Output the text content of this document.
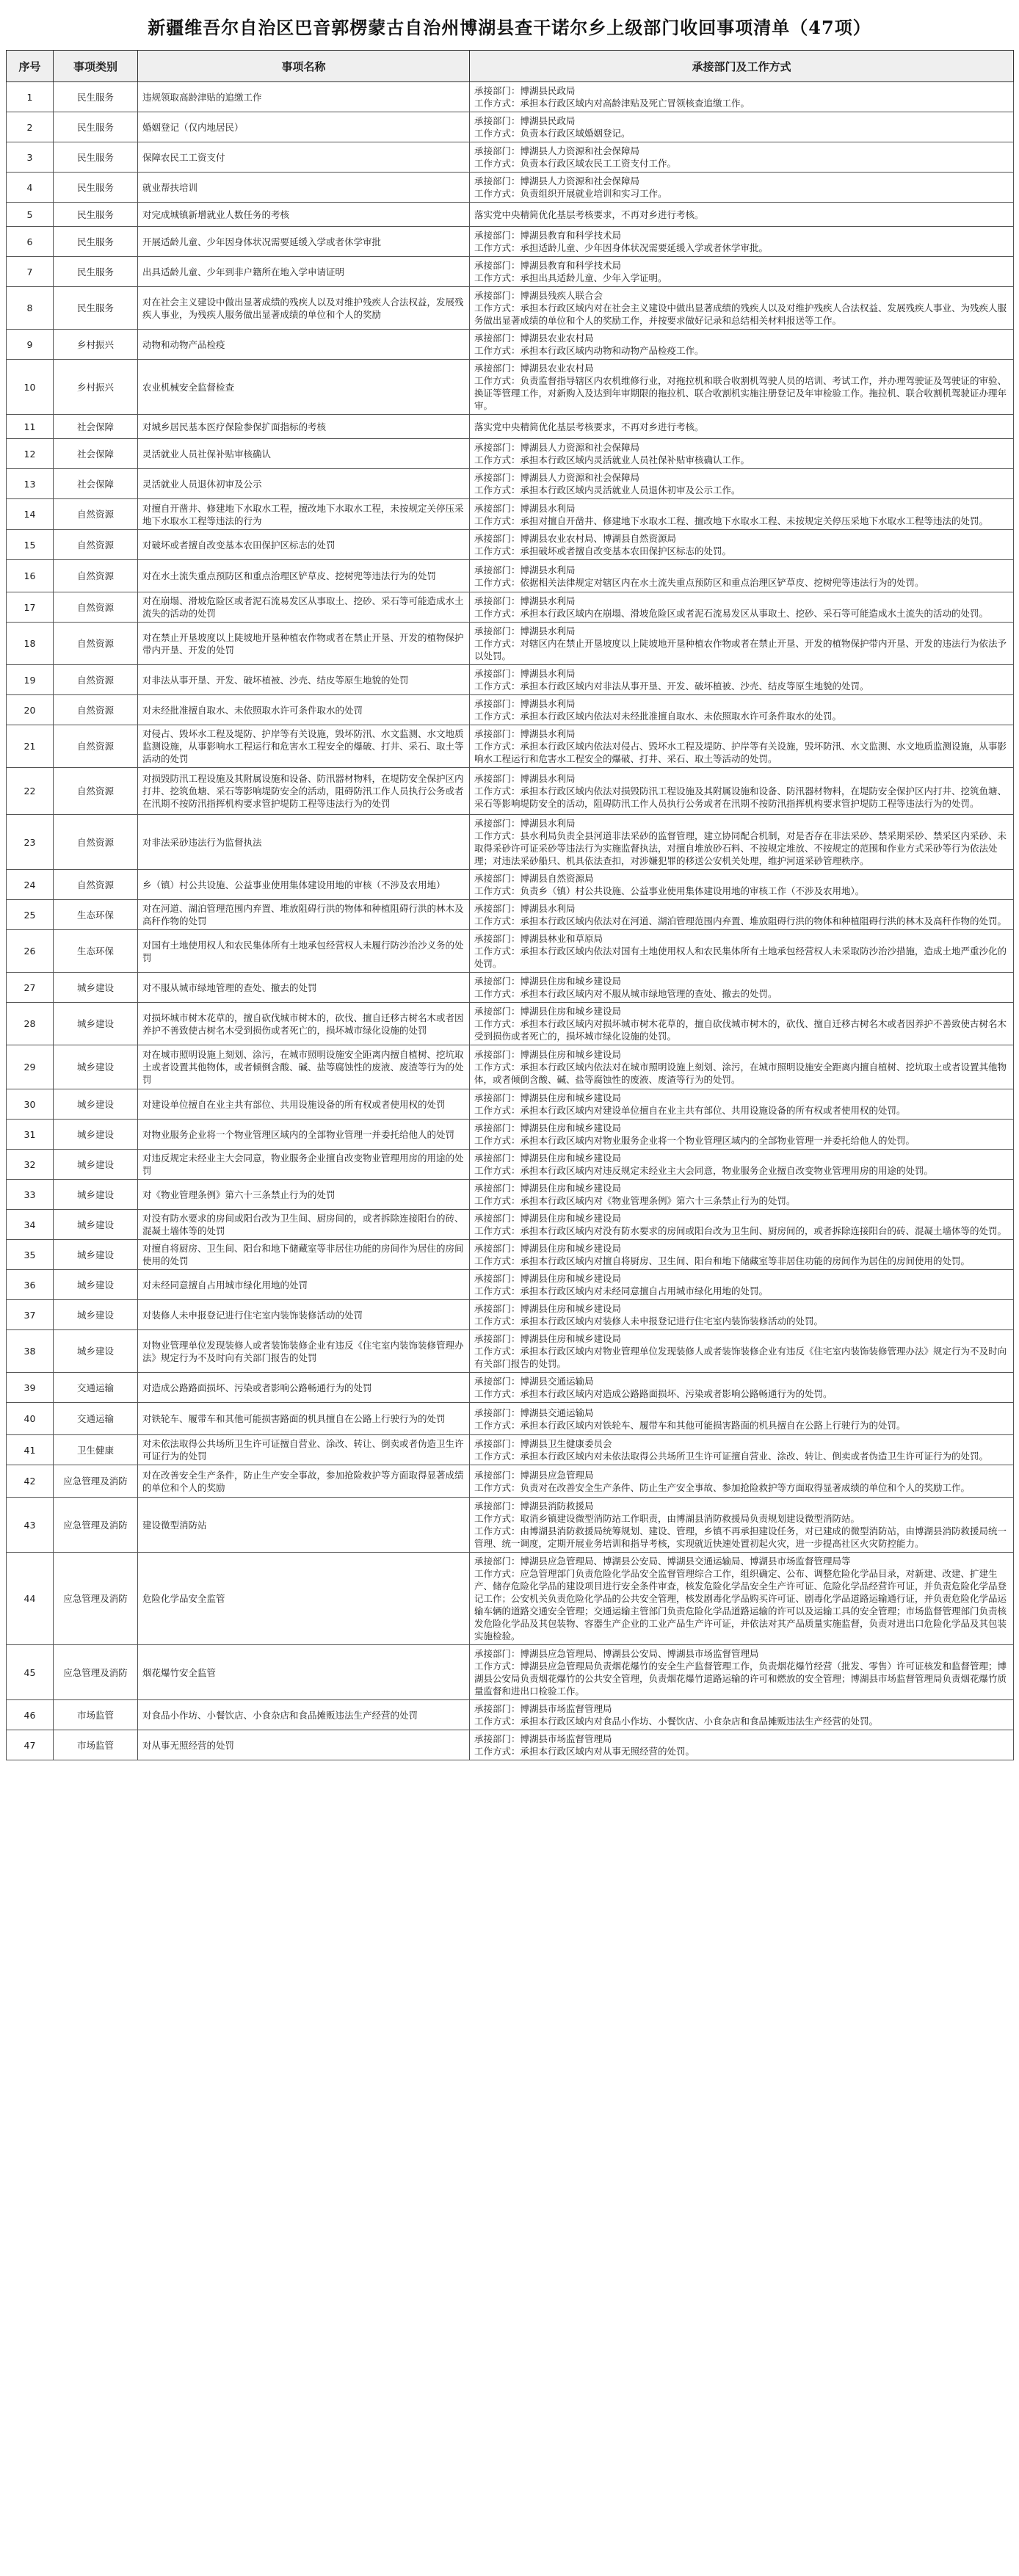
新疆维吾尔自治区巴音郭楞蒙古自治州博湖县查干诺尔乡上级部门收回事项清单（47项）
序号	事项类别	事项名称	承接部门及工作方式
1	民生服务	违规领取高龄津贴的追缴工作	承接部门：博湖县民政局
工作方式：承担本行政区域内对高龄津贴及死亡冒领核查追缴工作。

2	民生服务	婚姻登记（仅内地居民）	承接部门：博湖县民政局
工作方式：负责本行政区域婚姻登记。

3	民生服务	保障农民工工资支付	承接部门：博湖县人力资源和社会保障局
工作方式：负责本行政区域农民工工资支付工作。

4	民生服务	就业帮扶培训	承接部门：博湖县人力资源和社会保障局
工作方式：负责组织开展就业培训和实习工作。

5	民生服务	对完成城镇新增就业人数任务的考核	落实党中央精简优化基层考核要求，不再对乡进行考核。

6	民生服务	开展适龄儿童、少年因身体状况需要延缓入学或者休学审批	承接部门：博湖县教育和科学技术局
工作方式：承担适龄儿童、少年因身体状况需要延缓入学或者休学审批。

7	民生服务	出具适龄儿童、少年到非户籍所在地入学申请证明	承接部门：博湖县教育和科学技术局
工作方式：承担出具适龄儿童、少年入学证明。

8	民生服务	对在社会主义建设中做出显著成绩的残疾人以及对维护残疾人合法权益，发展残疾人事业，为残疾人服务做出显著成绩的单位和个人的奖励	承接部门：博湖县残疾人联合会
工作方式：承担本行政区域内对在社会主义建设中做出显著成绩的残疾人以及对维护残疾人合法权益、发展残疾人事业、为残疾人服务做出显著成绩的单位和个人的奖励工作，并按要求做好记录和总结相关材料报送等工作。

9	乡村振兴	动物和动物产品检疫	承接部门：博湖县农业农村局
工作方式：承担本行政区域内动物和动物产品检疫工作。

10	乡村振兴	农业机械安全监督检查	承接部门：博湖县农业农村局
工作方式：负责监督指导辖区内农机维修行业，对拖拉机和联合收割机驾驶人员的培训、考试工作，并办理驾驶证及驾驶证的审验、换证等管理工作，对新购入及达到年审期限的拖拉机、联合收割机实施注册登记及年审检验工作。拖拉机、联合收割机驾驶证办理年审。

11	社会保障	对城乡居民基本医疗保险参保扩面指标的考核	落实党中央精简优化基层考核要求，不再对乡进行考核。

12	社会保障	灵活就业人员社保补贴审核确认	承接部门：博湖县人力资源和社会保障局
工作方式：承担本行政区域内灵活就业人员社保补贴审核确认工作。

13	社会保障	灵活就业人员退休初审及公示	承接部门：博湖县人力资源和社会保障局
工作方式：承担本行政区域内灵活就业人员退休初审及公示工作。

14	自然资源	对擅自开凿井、修建地下水取水工程，擅改地下水取水工程，未按规定关停压采地下水取水工程等违法的行为	承接部门：博湖县水利局
工作方式：承担对擅自开凿井、修建地下水取水工程、擅改地下水取水工程、未按规定关停压采地下水取水工程等违法的处罚。

15	自然资源	对破坏或者擅自改变基本农田保护区标志的处罚	承接部门：博湖县农业农村局、博湖县自然资源局
工作方式：承担破坏或者擅自改变基本农田保护区标志的处罚。

16	自然资源	对在水土流失重点预防区和重点治理区铲草皮、挖树兜等违法行为的处罚	承接部门：博湖县水利局
工作方式：依据相关法律规定对辖区内在水土流失重点预防区和重点治理区铲草皮、挖树兜等违法行为的处罚。

17	自然资源	对在崩塌、滑坡危险区或者泥石流易发区从事取土、挖砂、采石等可能造成水土流失的活动的处罚	承接部门：博湖县水利局
工作方式：承担本行政区域内在崩塌、滑坡危险区或者泥石流易发区从事取土、挖砂、采石等可能造成水土流失的活动的处罚。

18	自然资源	对在禁止开垦坡度以上陡坡地开垦种植农作物或者在禁止开垦、开发的植物保护带内开垦、开发的处罚	承接部门：博湖县水利局
工作方式：对辖区内在禁止开垦坡度以上陡坡地开垦种植农作物或者在禁止开垦、开发的植物保护带内开垦、开发的违法行为依法予以处罚。

19	自然资源	对非法从事开垦、开发、破坏植被、沙壳、结皮等原生地貌的处罚	承接部门：博湖县水利局
工作方式：承担本行政区域内对非法从事开垦、开发、破坏植被、沙壳、结皮等原生地貌的处罚。

20	自然资源	对未经批准擅自取水、未依照取水许可条件取水的处罚	承接部门：博湖县水利局
工作方式：承担本行政区域内依法对未经批准擅自取水、未依照取水许可条件取水的处罚。

21	自然资源	对侵占、毁坏水工程及堤防、护岸等有关设施，毁坏防汛、水文监测、水文地质监测设施，从事影响水工程运行和危害水工程安全的爆破、打井、采石、取土等活动的处罚	承接部门：博湖县水利局
工作方式：承担本行政区域内依法对侵占、毁坏水工程及堤防、护岸等有关设施，毁坏防汛、水文监测、水文地质监测设施，从事影响水工程运行和危害水工程安全的爆破、打井、采石、取土等活动的处罚。

22	自然资源	对损毁防汛工程设施及其附属设施和设备、防汛器材物料，在堤防安全保护区内打井、挖筑鱼塘、采石等影响堤防安全的活动，阻碍防汛工作人员执行公务或者在汛期不按防汛指挥机构要求管护堤防工程等违法行为的处罚	承接部门：博湖县水利局
工作方式：承担本行政区域内依法对损毁防汛工程设施及其附属设施和设备、防汛器材物料，在堤防安全保护区内打井、挖筑鱼塘、采石等影响堤防安全的活动，阻碍防汛工作人员执行公务或者在汛期不按防汛指挥机构要求管护堤防工程等违法行为的处罚。

23	自然资源	对非法采砂违法行为监督执法	承接部门：博湖县水利局
工作方式：县水利局负责全县河道非法采砂的监督管理，建立协同配合机制，对是否存在非法采砂、禁采期采砂、禁采区内采砂、未取得采砂许可证采砂等违法行为实施监督执法，对擅自堆放砂石料、不按规定堆放、不按规定的范围和作业方式采砂等行为依法处理；对违法采砂船只、机具依法查扣，对涉嫌犯罪的移送公安机关处理，维护河道采砂管理秩序。

24	自然资源	乡（镇）村公共设施、公益事业使用集体建设用地的审核（不涉及农用地）	承接部门：博湖县自然资源局
工作方式：负责乡（镇）村公共设施、公益事业使用集体建设用地的审核工作（不涉及农用地）。

25	生态环保	对在河道、湖泊管理范围内弃置、堆放阻碍行洪的物体和种植阻碍行洪的林木及高秆作物的处罚	承接部门：博湖县水利局
工作方式：承担本行政区域内依法对在河道、湖泊管理范围内弃置、堆放阻碍行洪的物体和种植阻碍行洪的林木及高秆作物的处罚。

26	生态环保	对国有土地使用权人和农民集体所有土地承包经营权人未履行防沙治沙义务的处罚	承接部门：博湖县林业和草原局
工作方式：承担本行政区域内依法对国有土地使用权人和农民集体所有土地承包经营权人未采取防沙治沙措施，造成土地严重沙化的处罚。

27	城乡建设	对不服从城市绿地管理的查处、撤去的处罚	承接部门：博湖县住房和城乡建设局
工作方式：承担本行政区域内对不服从城市绿地管理的查处、撤去的处罚。

28	城乡建设	对损坏城市树木花草的，擅自砍伐城市树木的，砍伐、擅自迁移古树名木或者因养护不善致使古树名木受到损伤或者死亡的，损坏城市绿化设施的处罚	承接部门：博湖县住房和城乡建设局
工作方式：承担本行政区域内对损坏城市树木花草的，擅自砍伐城市树木的，砍伐、擅自迁移古树名木或者因养护不善致使古树名木受到损伤或者死亡的，损坏城市绿化设施的处罚。

29	城乡建设	对在城市照明设施上刻划、涂污，在城市照明设施安全距离内擅自植树、挖坑取土或者设置其他物体，或者倾倒含酸、碱、盐等腐蚀性的废液、废渣等行为的处罚	承接部门：博湖县住房和城乡建设局
工作方式：承担本行政区域内依法对在城市照明设施上刻划、涂污，在城市照明设施安全距离内擅自植树、挖坑取土或者设置其他物体，或者倾倒含酸、碱、盐等腐蚀性的废液、废渣等行为的处罚。

30	城乡建设	对建设单位擅自在业主共有部位、共用设施设备的所有权或者使用权的处罚	承接部门：博湖县住房和城乡建设局
工作方式：承担本行政区域内对建设单位擅自在业主共有部位、共用设施设备的所有权或者使用权的处罚。

31	城乡建设	对物业服务企业将一个物业管理区域内的全部物业管理一并委托给他人的处罚	承接部门：博湖县住房和城乡建设局
工作方式：承担本行政区域内对物业服务企业将一个物业管理区域内的全部物业管理一并委托给他人的处罚。

32	城乡建设	对违反规定未经业主大会同意，物业服务企业擅自改变物业管理用房的用途的处罚	承接部门：博湖县住房和城乡建设局
工作方式：承担本行政区域内对违反规定未经业主大会同意，物业服务企业擅自改变物业管理用房的用途的处罚。

33	城乡建设	对《物业管理条例》第六十三条禁止行为的处罚	承接部门：博湖县住房和城乡建设局
工作方式：承担本行政区域内对《物业管理条例》第六十三条禁止行为的处罚。

34	城乡建设	对没有防水要求的房间或阳台改为卫生间、厨房间的，或者拆除连接阳台的砖、混凝土墙体等的处罚	承接部门：博湖县住房和城乡建设局
工作方式：承担本行政区域内对没有防水要求的房间或阳台改为卫生间、厨房间的，或者拆除连接阳台的砖、混凝土墙体等的处罚。

35	城乡建设	对擅自将厨房、卫生间、阳台和地下储藏室等非居住功能的房间作为居住的房间使用的处罚	承接部门：博湖县住房和城乡建设局
工作方式：承担本行政区域内对擅自将厨房、卫生间、阳台和地下储藏室等非居住功能的房间作为居住的房间使用的处罚。

36	城乡建设	对未经同意擅自占用城市绿化用地的处罚	承接部门：博湖县住房和城乡建设局
工作方式：承担本行政区域内对未经同意擅自占用城市绿化用地的处罚。

37	城乡建设	对装修人未申报登记进行住宅室内装饰装修活动的处罚	承接部门：博湖县住房和城乡建设局
工作方式：承担本行政区域内对装修人未申报登记进行住宅室内装饰装修活动的处罚。

38	城乡建设	对物业管理单位发现装修人或者装饰装修企业有违反《住宅室内装饰装修管理办法》规定行为不及时向有关部门报告的处罚	承接部门：博湖县住房和城乡建设局
工作方式：承担本行政区域内对物业管理单位发现装修人或者装饰装修企业有违反《住宅室内装饰装修管理办法》规定行为不及时向有关部门报告的处罚。

39	交通运输	对造成公路路面损坏、污染或者影响公路畅通行为的处罚	承接部门：博湖县交通运输局
工作方式：承担本行政区域内对造成公路路面损坏、污染或者影响公路畅通行为的处罚。

40	交通运输	对铁轮车、履带车和其他可能损害路面的机具擅自在公路上行驶行为的处罚	承接部门：博湖县交通运输局
工作方式：承担本行政区域内对铁轮车、履带车和其他可能损害路面的机具擅自在公路上行驶行为的处罚。

41	卫生健康	对未依法取得公共场所卫生许可证擅自营业、涂改、转让、倒卖或者伪造卫生许可证行为的处罚	承接部门：博湖县卫生健康委员会
工作方式：承担本行政区域内对未依法取得公共场所卫生许可证擅自营业、涂改、转让、倒卖或者伪造卫生许可证行为的处罚。

42	应急管理及消防	对在改善安全生产条件，防止生产安全事故，参加抢险救护等方面取得显著成绩的单位和个人的奖励	承接部门：博湖县应急管理局
工作方式：负责对在改善安全生产条件、防止生产安全事故、参加抢险救护等方面取得显著成绩的单位和个人的奖励工作。

43	应急管理及消防	建设微型消防站	承接部门：博湖县消防救援局
工作方式：取消乡镇建设微型消防站工作职责，由博湖县消防救援局负责规划建设微型消防站。
工作方式：由博湖县消防救援局统筹规划、建设、管理，乡镇不再承担建设任务，对已建成的微型消防站，由博湖县消防救援局统一管理、统一调度，定期开展业务培训和指导考核，实现就近快速处置初起火灾，进一步提高社区火灾防控能力。

44	应急管理及消防	危险化学品安全监管	承接部门：博湖县应急管理局、博湖县公安局、博湖县交通运输局、博湖县市场监督管理局等
工作方式：应急管理部门负责危险化学品安全监督管理综合工作，组织确定、公布、调整危险化学品目录，对新建、改建、扩建生产、储存危险化学品的建设项目进行安全条件审查，核发危险化学品安全生产许可证、危险化学品经营许可证，并负责危险化学品登记工作；公安机关负责危险化学品的公共安全管理，核发剧毒化学品购买许可证、剧毒化学品道路运输通行证，并负责危险化学品运输车辆的道路交通安全管理；交通运输主管部门负责危险化学品道路运输的许可以及运输工具的安全管理；市场监督管理部门负责核发危险化学品及其包装物、容器生产企业的工业产品生产许可证，并依法对其产品质量实施监督，负责对进出口危险化学品及其包装实施检验。

45	应急管理及消防	烟花爆竹安全监管	承接部门：博湖县应急管理局、博湖县公安局、博湖县市场监督管理局
工作方式：博湖县应急管理局负责烟花爆竹的安全生产监督管理工作，负责烟花爆竹经营（批发、零售）许可证核发和监督管理；博湖县公安局负责烟花爆竹的公共安全管理，负责烟花爆竹道路运输的许可和燃放的安全管理；博湖县市场监督管理局负责烟花爆竹质量监督和进出口检验工作。

46	市场监管	对食品小作坊、小餐饮店、小食杂店和食品摊贩违法生产经营的处罚	承接部门：博湖县市场监督管理局
工作方式：承担本行政区域内对食品小作坊、小餐饮店、小食杂店和食品摊贩违法生产经营的处罚。

47	市场监管	对从事无照经营的处罚	承接部门：博湖县市场监督管理局
工作方式：承担本行政区域内对从事无照经营的处罚。
